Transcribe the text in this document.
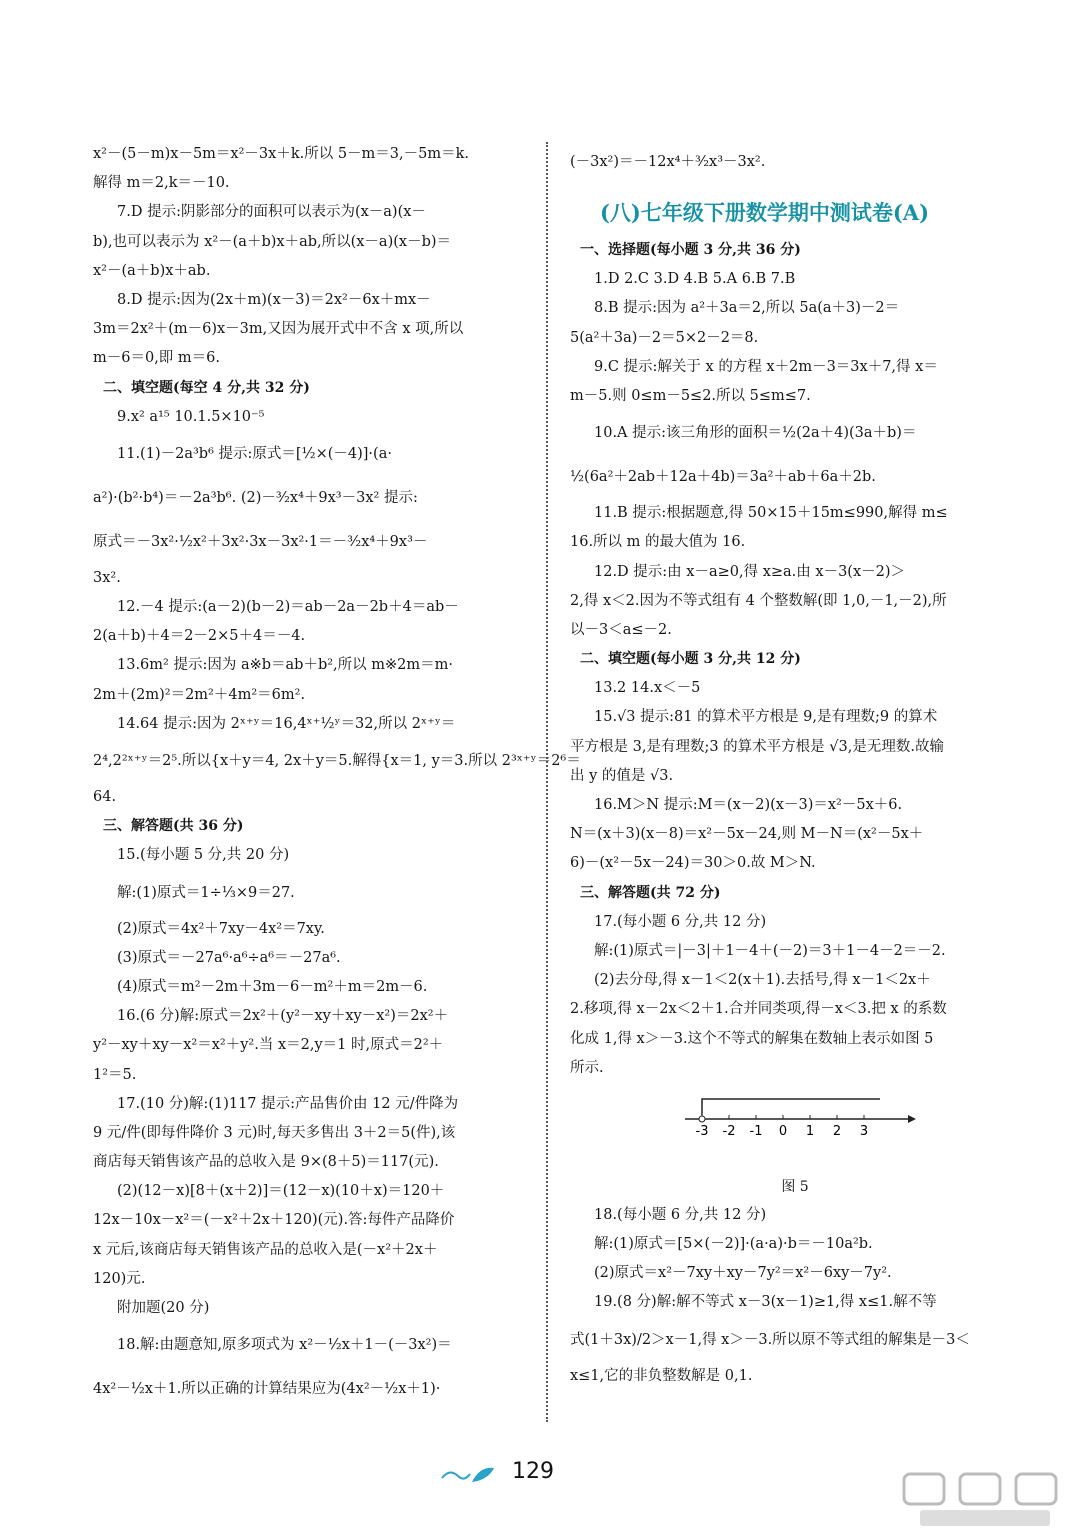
x²－(5－m)x－5m＝x²－3x＋k.所以 5－m＝3,－5m＝k.
解得 m＝2,k＝－10.
7.D 提示:阴影部分的面积可以表示为(x－a)(x－
b),也可以表示为 x²－(a＋b)x＋ab,所以(x－a)(x－b)＝
x²－(a＋b)x＋ab.
8.D 提示:因为(2x＋m)(x－3)＝2x²－6x＋mx－
3m＝2x²＋(m－6)x－3m,又因为展开式中不含 x 项,所以
m－6＝0,即 m＝6.
二、填空题(每空 4 分,共 32 分)
9.x² a¹⁵ 10.1.5×10⁻⁵
11.(1)－2a³b⁶ 提示:原式＝[½×(－4)]·(a·
a²)·(b²·b⁴)＝－2a³b⁶. (2)－³⁄₂x⁴＋9x³－3x² 提示:
原式＝－3x²·½x²＋3x²·3x－3x²·1＝－³⁄₂x⁴＋9x³－
3x².
12.－4 提示:(a－2)(b－2)＝ab－2a－2b＋4＝ab－
2(a＋b)＋4＝2－2×5＋4＝－4.
13.6m² 提示:因为 a※b＝ab＋b²,所以 m※2m＝m·
2m＋(2m)²＝2m²＋4m²＝6m².
14.64 提示:因为 2ˣ⁺ʸ＝16,4ˣ⁺½ʸ＝32,所以 2ˣ⁺ʸ＝
2⁴,2²ˣ⁺ʸ＝2⁵.所以{x＋y＝4, 2x＋y＝5.解得{x＝1, y＝3.所以 2³ˣ⁺ʸ＝2⁶＝
64.
三、解答题(共 36 分)
15.(每小题 5 分,共 20 分)
解:(1)原式＝1÷⅓×9＝27.
(2)原式＝4x²＋7xy－4x²＝7xy.
(3)原式＝－27a⁶·a⁶÷a⁶＝－27a⁶.
(4)原式＝m²－2m＋3m－6－m²＋m＝2m－6.
16.(6 分)解:原式＝2x²＋(y²－xy＋xy－x²)＝2x²＋
y²－xy＋xy－x²＝x²＋y².当 x＝2,y＝1 时,原式＝2²＋
1²＝5.
17.(10 分)解:(1)117 提示:产品售价由 12 元/件降为
9 元/件(即每件降价 3 元)时,每天多售出 3＋2＝5(件),该
商店每天销售该产品的总收入是 9×(8＋5)＝117(元).
(2)(12－x)[8＋(x＋2)]＝(12－x)(10＋x)＝120＋
12x－10x－x²＝(－x²＋2x＋120)(元).答:每件产品降价
x 元后,该商店每天销售该产品的总收入是(－x²＋2x＋
120)元.
附加题(20 分)
18.解:由题意知,原多项式为 x²－½x＋1－(－3x²)＝
4x²－½x＋1.所以正确的计算结果应为(4x²－½x＋1)·
(－3x²)＝－12x⁴＋³⁄₂x³－3x².
(八)七年级下册数学期中测试卷(A)
一、选择题(每小题 3 分,共 36 分)
1.D 2.C 3.D 4.B 5.A 6.B 7.B
8.B 提示:因为 a²＋3a＝2,所以 5a(a＋3)－2＝
5(a²＋3a)－2＝5×2－2＝8.
9.C 提示:解关于 x 的方程 x＋2m－3＝3x＋7,得 x＝
m－5.则 0≤m－5≤2.所以 5≤m≤7.
10.A 提示:该三角形的面积＝½(2a＋4)(3a＋b)＝
½(6a²＋2ab＋12a＋4b)＝3a²＋ab＋6a＋2b.
11.B 提示:根据题意,得 50×15＋15m≤990,解得 m≤
16.所以 m 的最大值为 16.
12.D 提示:由 x－a≥0,得 x≥a.由 x－3(x－2)＞
2,得 x＜2.因为不等式组有 4 个整数解(即 1,0,－1,－2),所
以－3＜a≤－2.
二、填空题(每小题 3 分,共 12 分)
13.2 14.x＜－5
15.√3 提示:81 的算术平方根是 9,是有理数;9 的算术
平方根是 3,是有理数;3 的算术平方根是 √3,是无理数.故输
出 y 的值是 √3.
16.M＞N 提示:M＝(x－2)(x－3)＝x²－5x＋6.
N＝(x＋3)(x－8)＝x²－5x－24,则 M－N＝(x²－5x＋
6)－(x²－5x－24)＝30＞0.故 M＞N.
三、解答题(共 72 分)
17.(每小题 6 分,共 12 分)
解:(1)原式＝|－3|＋1－4＋(－2)＝3＋1－4－2＝－2.
(2)去分母,得 x－1＜2(x＋1).去括号,得 x－1＜2x＋
2.移项,得 x－2x＜2＋1.合并同类项,得－x＜3.把 x 的系数
化成 1,得 x＞－3.这个不等式的解集在数轴上表示如图 5
所示.
-3 -2 -1 0 1 2 3
图 5
18.(每小题 6 分,共 12 分)
解:(1)原式＝[5×(－2)]·(a·a)·b＝－10a²b.
(2)原式＝x²－7xy＋xy－7y²＝x²－6xy－7y².
19.(8 分)解:解不等式 x－3(x－1)≥1,得 x≤1.解不等
式(1＋3x)/2＞x－1,得 x＞－3.所以原不等式组的解集是－3＜
x≤1,它的非负整数解是 0,1.
129
